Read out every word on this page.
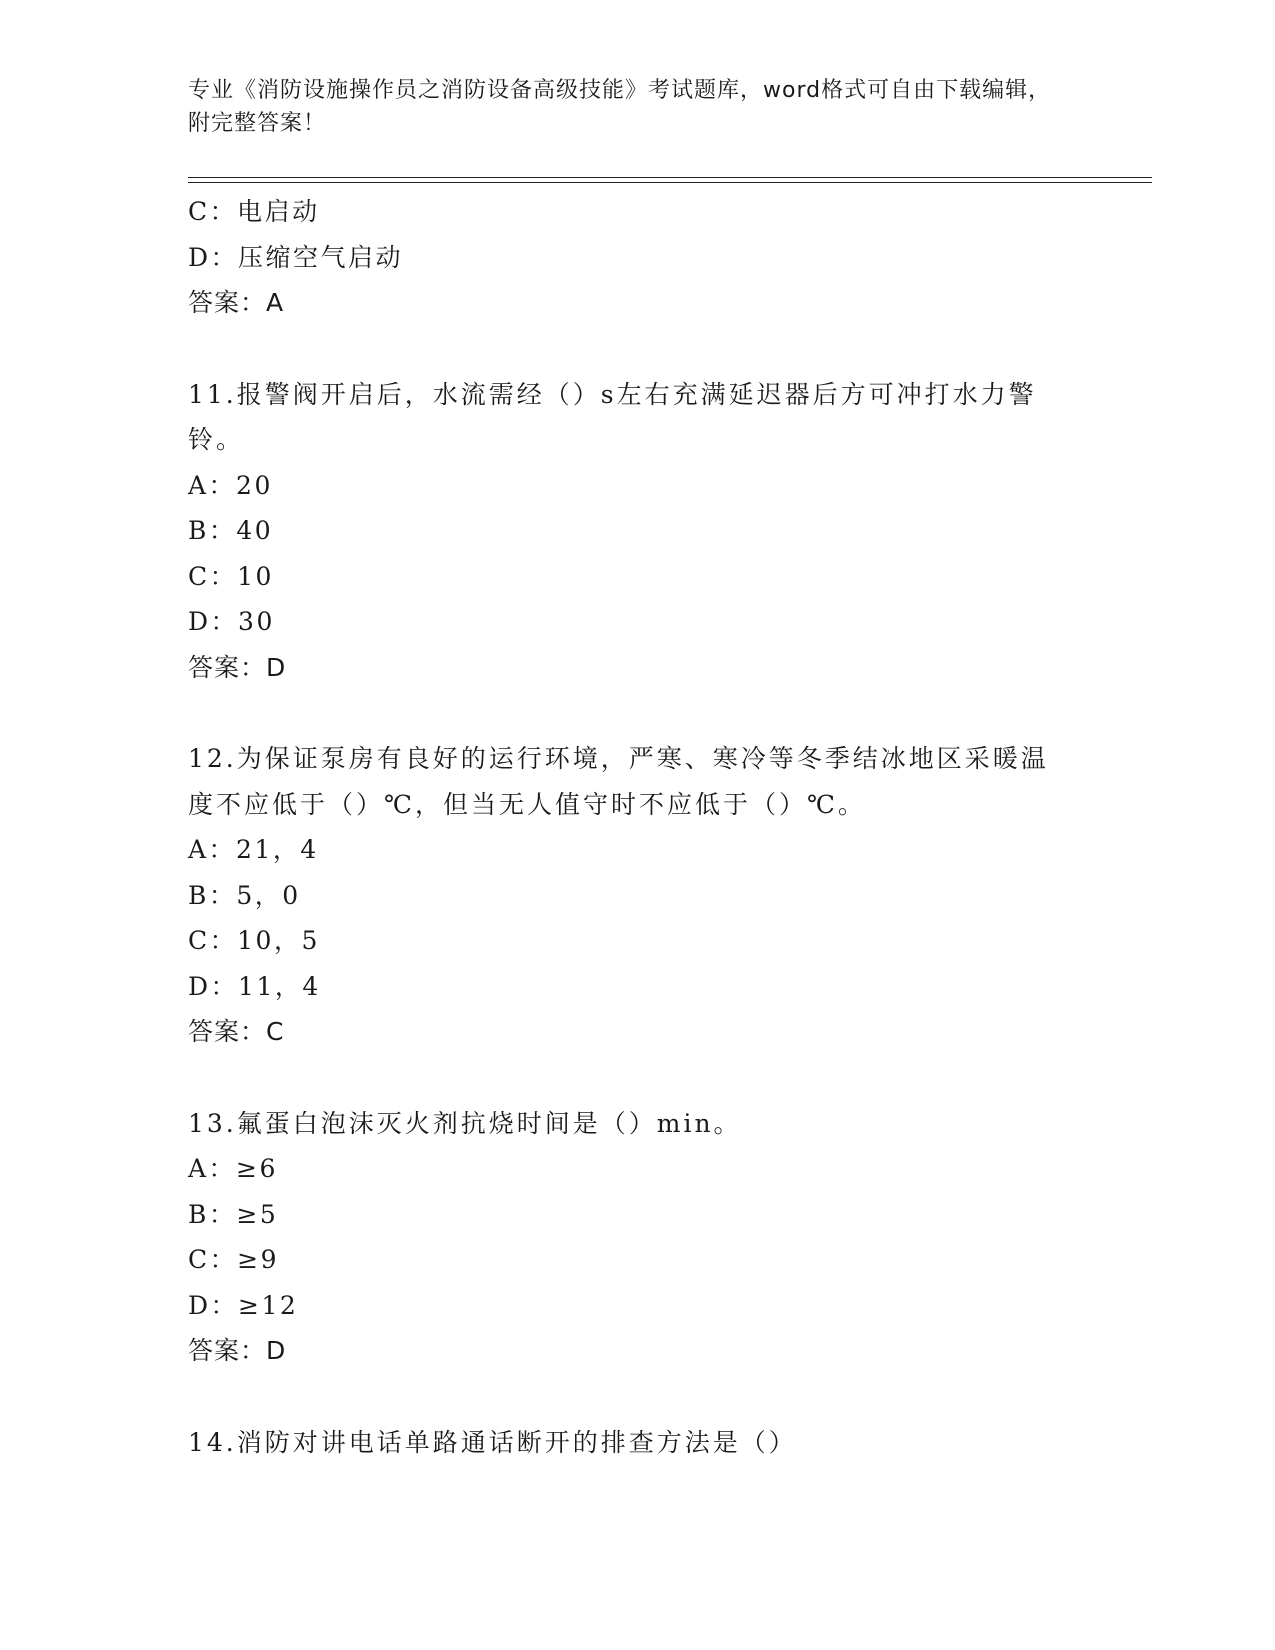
专业《消防设施操作员之消防设备高级技能》考试题库，word格式可自由下载编辑，附完整答案！
C：电启动
D：压缩空气启动
答案：A
11.报警阀开启后，水流需经（）s左右充满延迟器后方可冲打水力警铃。
A：20
B：40
C：10
D：30
答案：D
12.为保证泵房有良好的运行环境，严寒、寒冷等冬季结冰地区采暖温度不应低于（）℃，但当无人值守时不应低于（）℃。
A：21，4
B：5，0
C：10，5
D：11，4
答案：C
13.氟蛋白泡沫灭火剂抗烧时间是（）min。
A：≥6
B：≥5
C：≥9
D：≥12
答案：D
14.消防对讲电话单路通话断开的排查方法是（）
